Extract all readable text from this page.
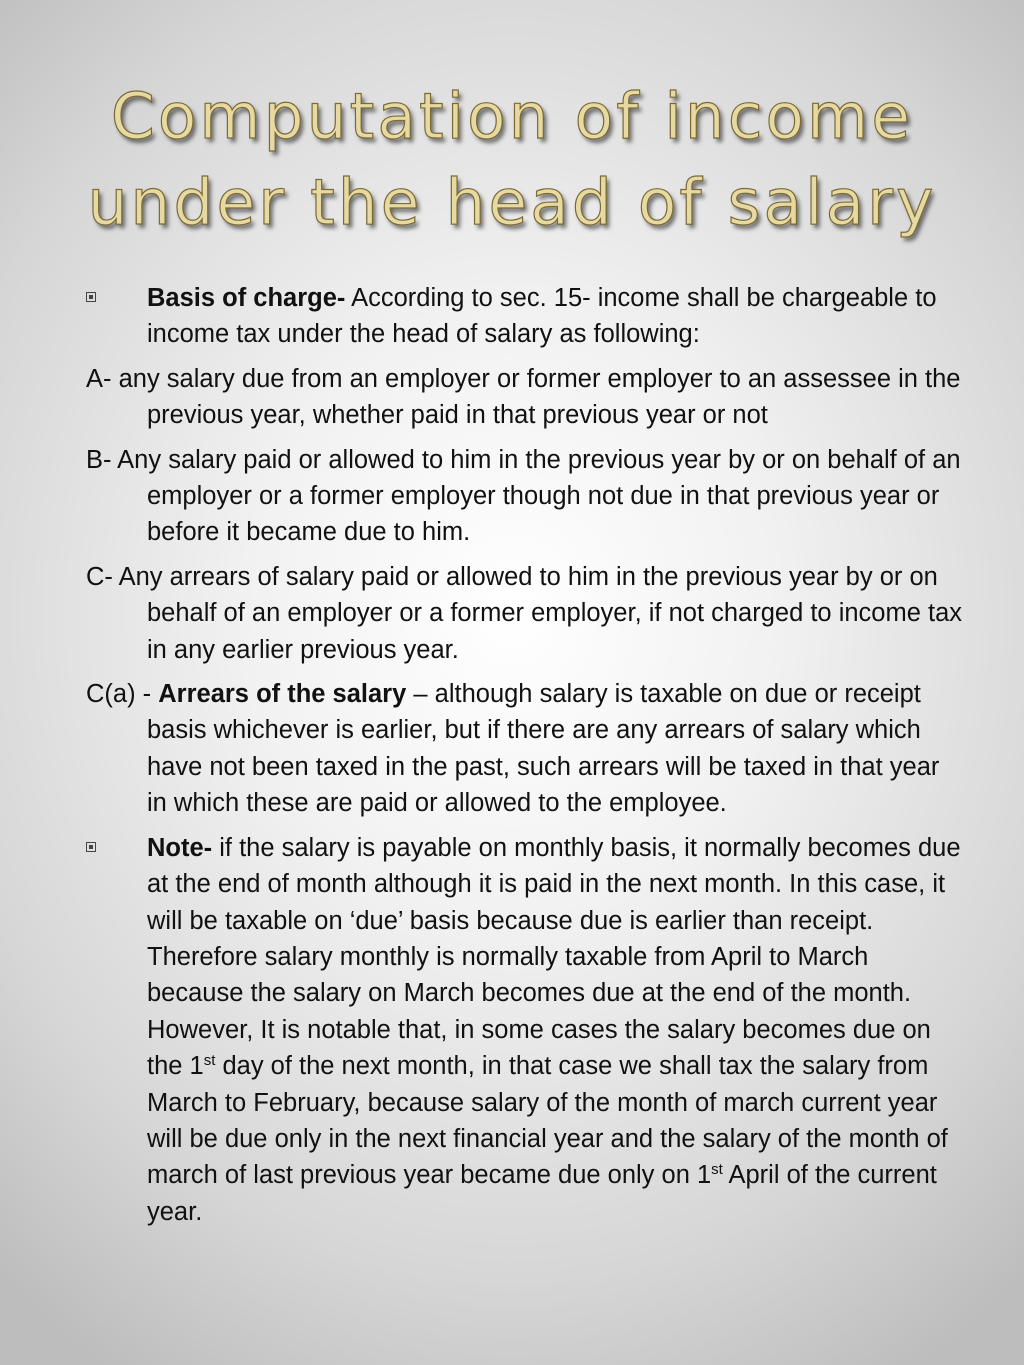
Computation of income
under the head of salary

Basis of charge- According to sec. 15- income shall be chargeable to income tax under the head of salary as following:

A- any salary due from an employer or former employer to an assessee in the previous year, whether paid in that previous year or not

B- Any salary paid or allowed to him in the previous year by or on behalf of an employer or a former employer though not due in that previous year or before it became due to him.

C- Any arrears of salary paid or allowed to him in the previous year by or on behalf of an employer or a former employer, if not charged to income tax in any earlier previous year.

C(a) - Arrears of the salary – although salary is taxable on due or receipt basis whichever is earlier, but if there are any arrears of salary which have not been taxed in the past, such arrears will be taxed in that year in which these are paid or allowed to the employee.

Note- if the salary is payable on monthly basis, it normally becomes due at the end of month although it is paid in the next month. In this case, it will be taxable on ‘due’ basis because due is earlier than receipt. Therefore salary monthly is normally taxable from April to March because the salary on March becomes due at the end of the month. However, It is notable that, in some cases the salary becomes due on the 1st day of the next month, in that case we shall tax the salary from March to February, because salary of the month of march current year will be due only in the next financial year and the salary of the month of march of last previous year became due only on 1st April of the current year.
